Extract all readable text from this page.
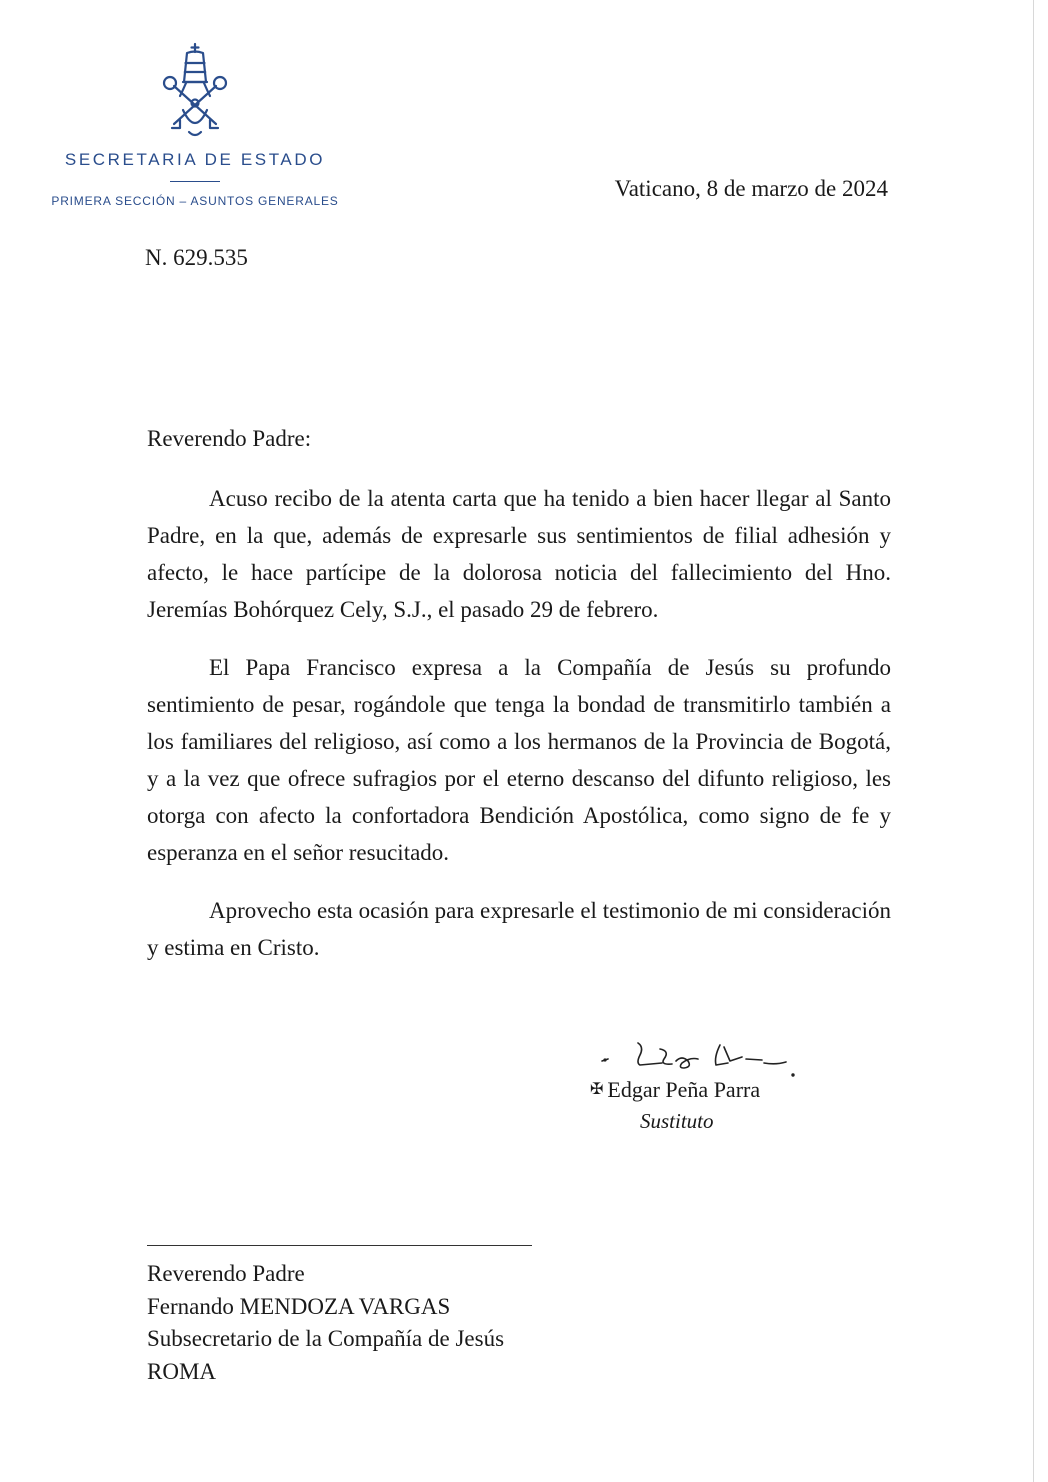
SECRETARIA DE ESTADO
PRIMERA SECCIÓN – ASUNTOS GENERALES	Vaticano, 8 de marzo de 2024
N. 629.535
Reverendo Padre:

Acuso recibo de la atenta carta que ha tenido a bien hacer llegar al Santo Padre, en la que, además de expresarle sus sentimientos de filial adhesión y afecto, le hace partícipe de la dolorosa noticia del fallecimiento del Hno. Jeremías Bohórquez Cely, S.J., el pasado 29 de febrero.

El Papa Francisco expresa a la Compañía de Jesús su profundo sentimiento de pesar, rogándole que tenga la bondad de transmitirlo también a los familiares del religioso, así como a los hermanos de la Provincia de Bogotá, y a la vez que ofrece sufragios por el eterno descanso del difunto religioso, les otorga con afecto la confortadora Bendición Apostólica, como signo de fe y esperanza en el señor resucitado.

Aprovecho esta ocasión para expresarle el testimonio de mi consideración y estima en Cristo.

✠ Edgar Peña Parra
Sustituto
Reverendo Padre
Fernando MENDOZA VARGAS
Subsecretario de la Compañía de Jesús
ROMA
